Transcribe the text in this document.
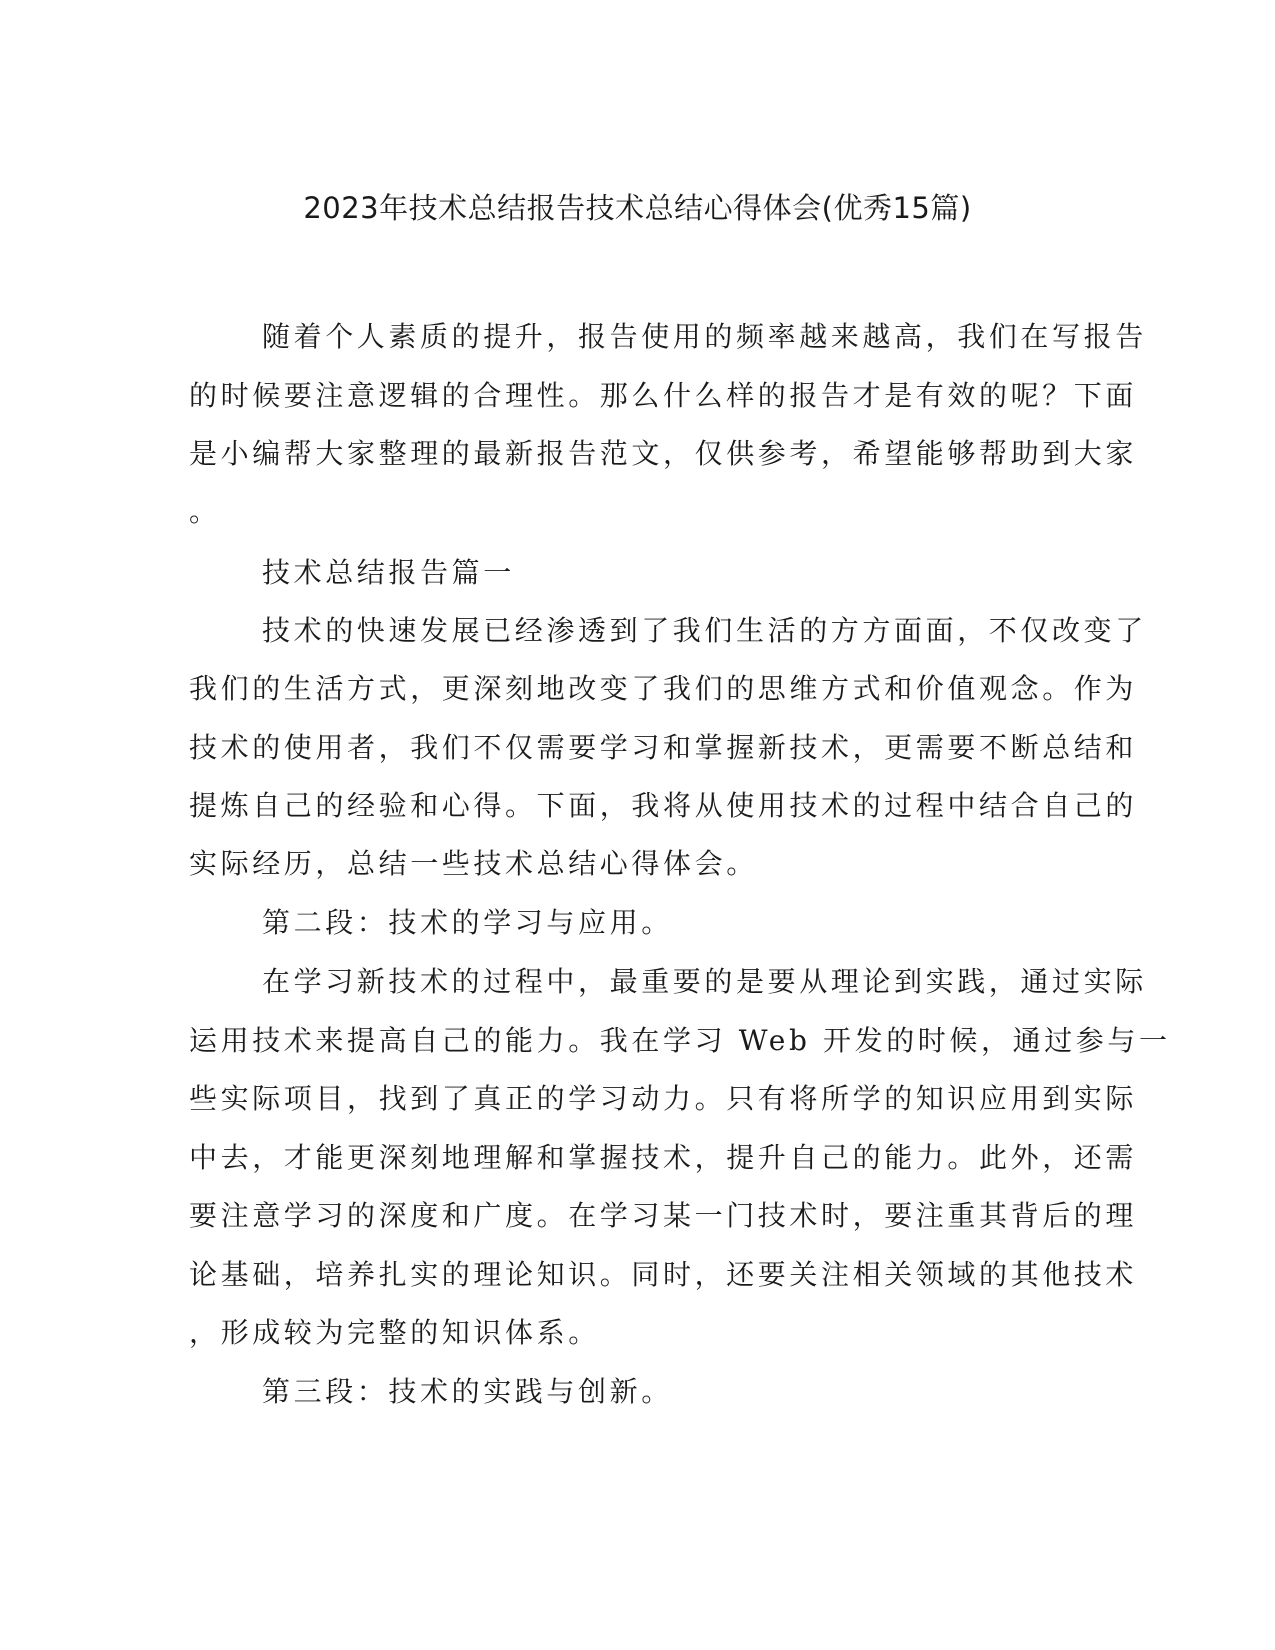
2023年技术总结报告技术总结心得体会(优秀15篇)
随着个人素质的提升，报告使用的频率越来越高，我们在写报告
的时候要注意逻辑的合理性。那么什么样的报告才是有效的呢？下面
是小编帮大家整理的最新报告范文，仅供参考，希望能够帮助到大家
。
技术总结报告篇一
技术的快速发展已经渗透到了我们生活的方方面面，不仅改变了
我们的生活方式，更深刻地改变了我们的思维方式和价值观念。作为
技术的使用者，我们不仅需要学习和掌握新技术，更需要不断总结和
提炼自己的经验和心得。下面，我将从使用技术的过程中结合自己的
实际经历，总结一些技术总结心得体会。
第二段：技术的学习与应用。
在学习新技术的过程中，最重要的是要从理论到实践，通过实际
运用技术来提高自己的能力。我在学习 Web 开发的时候，通过参与一
些实际项目，找到了真正的学习动力。只有将所学的知识应用到实际
中去，才能更深刻地理解和掌握技术，提升自己的能力。此外，还需
要注意学习的深度和广度。在学习某一门技术时，要注重其背后的理
论基础，培养扎实的理论知识。同时，还要关注相关领域的其他技术
，形成较为完整的知识体系。
第三段：技术的实践与创新。
